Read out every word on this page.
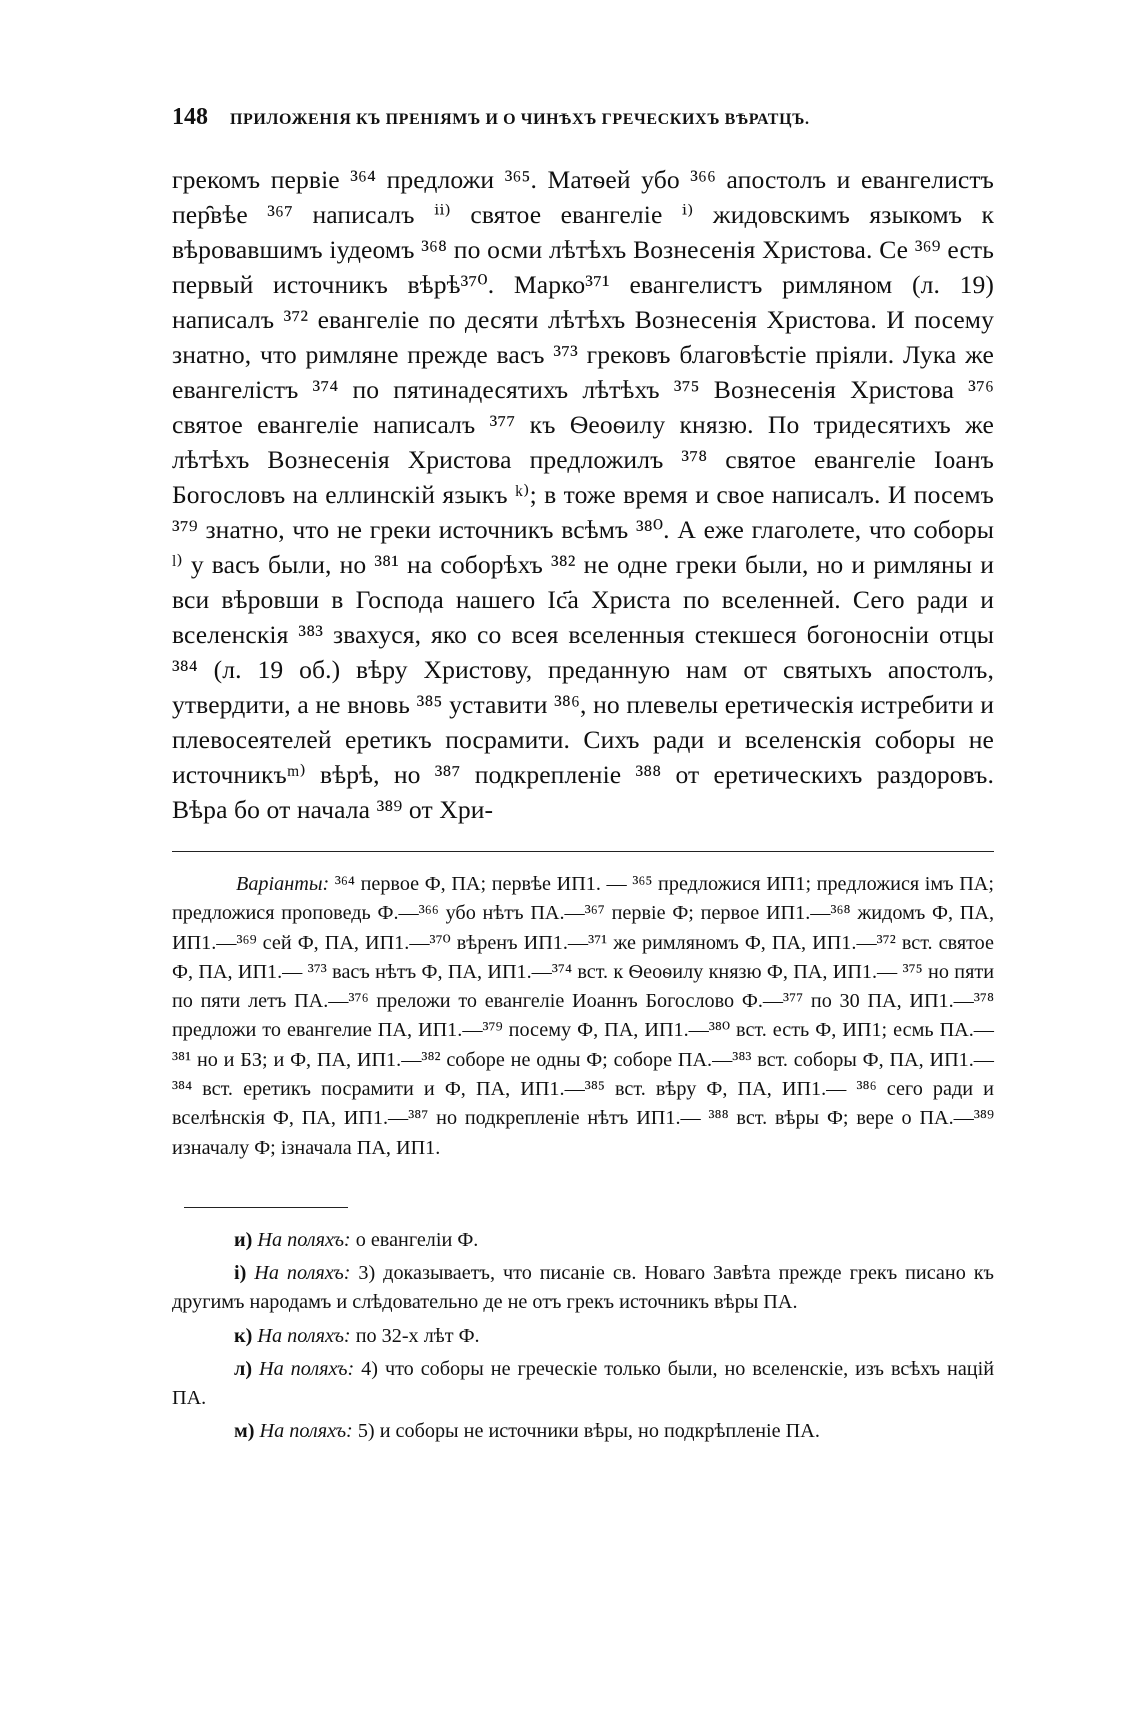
148 ПРИЛОЖЕНІЯ КЪ ПРЕНІЯМЪ И О ЧИНѢХЪ ГРЕЧЕСКИХЪ ВѢРАТЦЪ.

грекомъ первіе ³⁶⁴ предложи ³⁶⁵. Матѳей убо ³⁶⁶ апостолъ и евангелистъ пер̑вѣе ³⁶⁷ написалъ ⁱⁱ⁾ святое евангеліе ⁱ⁾ жидовскимъ языкомъ к вѣровавшимъ іудеомъ ³⁶⁸ по осми лѣтѣхъ Вознесенія Христова. Се ³⁶⁹ есть первый источникъ вѣрѣ³⁷⁰. Марко³⁷¹ евангелистъ римляном (л. 19) написалъ ³⁷² евангеліе по десяти лѣтѣхъ Вознесенія Христова. И посему знатно, что римляне прежде васъ ³⁷³ грековъ благовѣстіе пріяли. Лука же евангелістъ ³⁷⁴ по пятинадесятихъ лѣтѣхъ ³⁷⁵ Вознесенія Христова ³⁷⁶ святое евангеліе написалъ ³⁷⁷ къ Ѳеоѳилу князю. По тридесятихъ же лѣтѣхъ Вознесенія Христова предложилъ ³⁷⁸ святое евангеліе Іоанъ Богословъ на еллинскій языкъ ᵏ⁾; в тоже время и свое написалъ. И посемъ ³⁷⁹ знатно, что не греки источникъ всѣмъ ³⁸⁰. А еже глаголете, что соборы ˡ⁾ у васъ были, но ³⁸¹ на соборѣхъ ³⁸² не одне греки были, но и римляны и вси вѣровши в Господа нашего Іс҃а Христа по вселенней. Сего ради и вселенскія ³⁸³ звахуся, яко со всея вселенныя стекшеся богоносніи отцы ³⁸⁴ (л. 19 об.) вѣру Христову, преданную нам от святыхъ апостолъ, утвердити, а не вновь ³⁸⁵ уставити ³⁸⁶, но плевелы еретическія истребити и плевосеятелей еретикъ посрамити. Сихъ ради и вселенскія соборы не источникъᵐ⁾ вѣрѣ, но ³⁸⁷ подкрепленіе ³⁸⁸ от еретическихъ раздоровъ. Вѣра бо от начала ³⁸⁹ от Хри-

Варіанты: ³⁶⁴ первое Ф, ПА; первѣе ИП1. — ³⁶⁵ предложися ИП1; предложися імъ ПА; предложися проповедь Ф.—³⁶⁶ убо нѣтъ ПА.—³⁶⁷ первіе Ф; первое ИП1.—³⁶⁸ жидомъ Ф, ПА, ИП1.—³⁶⁹ сей Ф, ПА, ИП1.—³⁷⁰ вѣренъ ИП1.—³⁷¹ же римляномъ Ф, ПА, ИП1.—³⁷² вст. святое Ф, ПА, ИП1.— ³⁷³ васъ нѣтъ Ф, ПА, ИП1.—³⁷⁴ вст. к Ѳеоѳилу князю Ф, ПА, ИП1.— ³⁷⁵ но пяти по пяти летъ ПА.—³⁷⁶ преложи то евангеліе Иоаннъ Богослово Ф.—³⁷⁷ по 30 ПА, ИП1.—³⁷⁸ предложи то евангелие ПА, ИП1.—³⁷⁹ посему Ф, ПА, ИП1.—³⁸⁰ вст. есть Ф, ИП1; есмь ПА.—³⁸¹ но и БЗ; и Ф, ПА, ИП1.—³⁸² соборе не одны Ф; соборе ПА.—³⁸³ вст. соборы Ф, ПА, ИП1.— ³⁸⁴ вст. еретикъ посрамити и Ф, ПА, ИП1.—³⁸⁵ вст. вѣру Ф, ПА, ИП1.— ³⁸⁶ сего ради и вселѣнскія Ф, ПА, ИП1.—³⁸⁷ но подкрепленіе нѣтъ ИП1.— ³⁸⁸ вст. вѣры Ф; вере о ПА.—³⁸⁹ изначалу Ф; ізначала ПА, ИП1.

и) На поляхъ: о евангеліи Ф.

і) На поляхъ: 3) доказываетъ, что писаніе св. Новаго Завѣта прежде грекъ писано къ другимъ народамъ и слѣдовательно де не отъ грекъ источникъ вѣры ПА.

к) На поляхъ: по 32-х лѣт Ф.

л) На поляхъ: 4) что соборы не греческіе только были, но вселенскіе, изъ всѣхъ націй ПА.

м) На поляхъ: 5) и соборы не источники вѣры, но подкрѣпленіе ПА.
